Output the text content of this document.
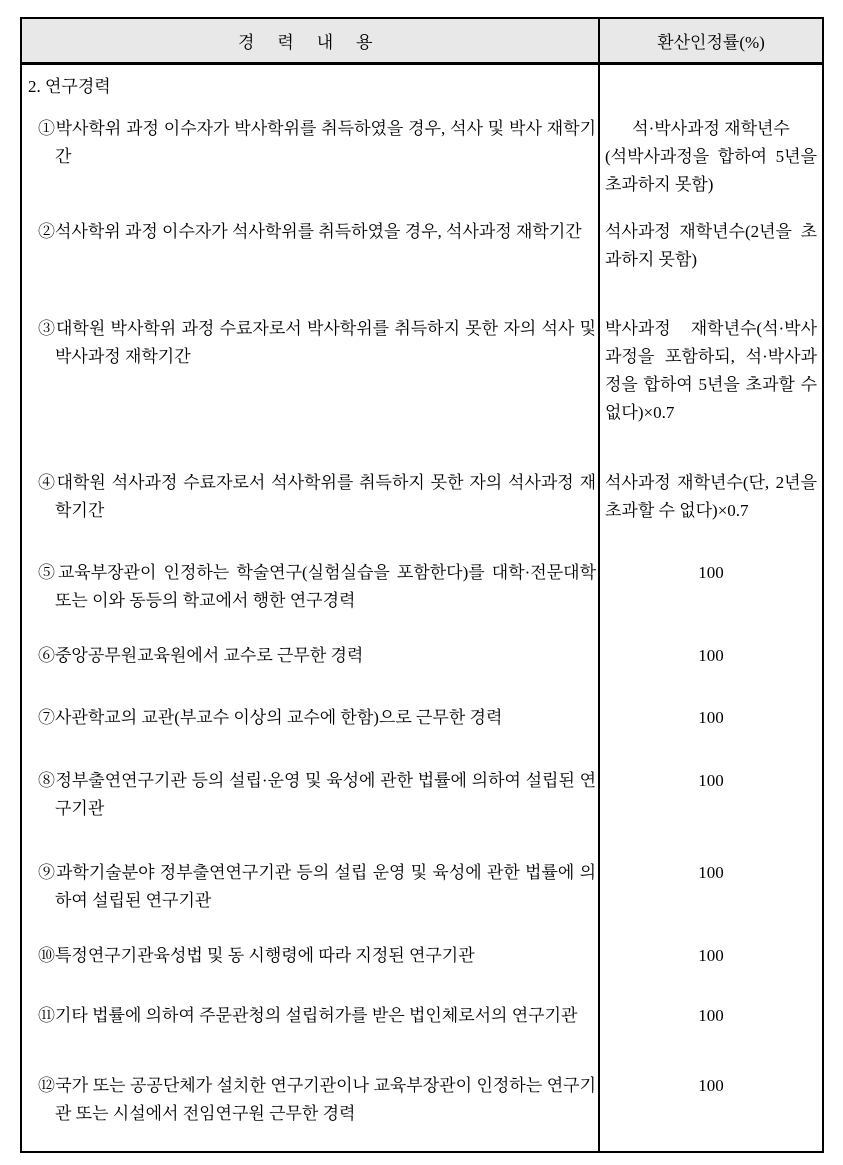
경 력 내 용	환산인정률(%)

2. 연구경력	

①박사학위 과정 이수자가 박사학위를 취득하였을 경우, 석사 및 박사 재학기간	석·박사과정 재학년수
(석박사과정을 합하여 5년을 초과하지 못함)

②석사학위 과정 이수자가 석사학위를 취득하였을 경우, 석사과정 재학기간	석사과정 재학년수(2년을 초과하지 못함)

③대학원 박사학위 과정 수료자로서 박사학위를 취득하지 못한 자의 석사 및 박사과정 재학기간	박사과정 재학년수(석·박사과정을 포함하되, 석·박사과정을 합하여 5년을 초과할 수 없다)×0.7

④대학원 석사과정 수료자로서 석사학위를 취득하지 못한 자의 석사과정 재학기간	석사과정 재학년수(단, 2년을 초과할 수 없다)×0.7

⑤교육부장관이 인정하는 학술연구(실험실습을 포함한다)를 대학·전문대학 또는 이와 동등의 학교에서 행한 연구경력	100

⑥중앙공무원교육원에서 교수로 근무한 경력	100

⑦사관학교의 교관(부교수 이상의 교수에 한함)으로 근무한 경력	100

⑧정부출연연구기관 등의 설립·운영 및 육성에 관한 법률에 의하여 설립된 연구기관	100

⑨과학기술분야 정부출연연구기관 등의 설립 운영 및 육성에 관한 법률에 의하여 설립된 연구기관	100

⑩특정연구기관육성법 및 동 시행령에 따라 지정된 연구기관	100

⑪기타 법률에 의하여 주문관청의 설립허가를 받은 법인체로서의 연구기관	100

⑫국가 또는 공공단체가 설치한 연구기관이나 교육부장관이 인정하는 연구기관 또는 시설에서 전임연구원 근무한 경력	100
